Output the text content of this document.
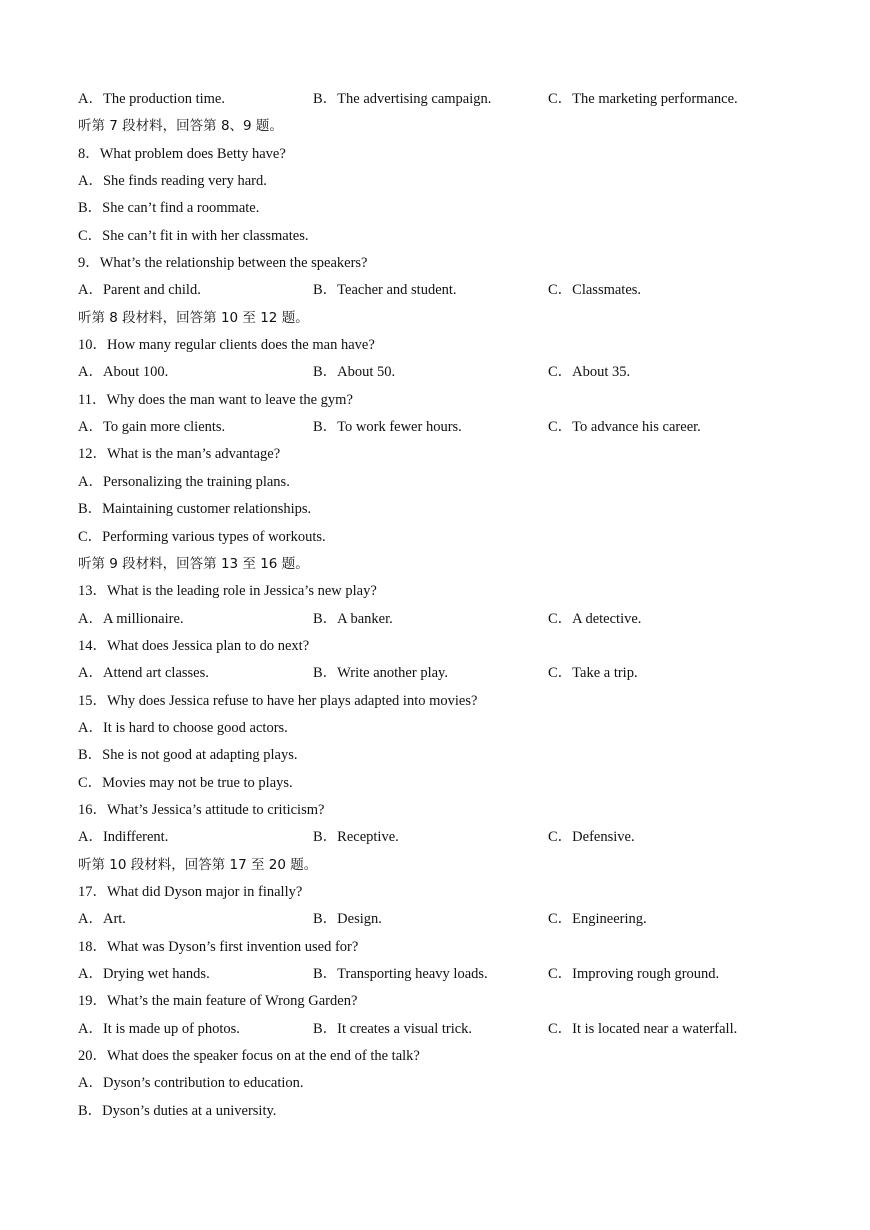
A．The production time.	B．The advertising campaign.	C．The marketing performance.
听第 7 段材料，回答第 8、9 题。
8．What problem does Betty have?
A．She finds reading very hard.
B．She can’t find a roommate.
C．She can’t fit in with her classmates.
9．What’s the relationship between the speakers?
A．Parent and child.	B．Teacher and student.	C．Classmates.
听第 8 段材料，回答第 10 至 12 题。
10．How many regular clients does the man have?
A．About 100.	B．About 50.	C．About 35.
11．Why does the man want to leave the gym?
A．To gain more clients.	B．To work fewer hours.	C．To advance his career.
12．What is the man’s advantage?
A．Personalizing the training plans.
B．Maintaining customer relationships.
C．Performing various types of workouts.
听第 9 段材料，回答第 13 至 16 题。
13．What is the leading role in Jessica’s new play?
A．A millionaire.	B．A banker.	C．A detective.
14．What does Jessica plan to do next?
A．Attend art classes.	B．Write another play.	C．Take a trip.
15．Why does Jessica refuse to have her plays adapted into movies?
A．It is hard to choose good actors.
B．She is not good at adapting plays.
C．Movies may not be true to plays.
16．What’s Jessica’s attitude to criticism?
A．Indifferent.	B．Receptive.	C．Defensive.
听第 10 段材料，回答第 17 至 20 题。
17．What did Dyson major in finally?
A．Art.	B．Design.	C．Engineering.
18．What was Dyson’s first invention used for?
A．Drying wet hands.	B．Transporting heavy loads.	C．Improving rough ground.
19．What’s the main feature of Wrong Garden?
A．It is made up of photos.	B．It creates a visual trick.	C．It is located near a waterfall.
20．What does the speaker focus on at the end of the talk?
A．Dyson’s contribution to education.
B．Dyson’s duties at a university.
